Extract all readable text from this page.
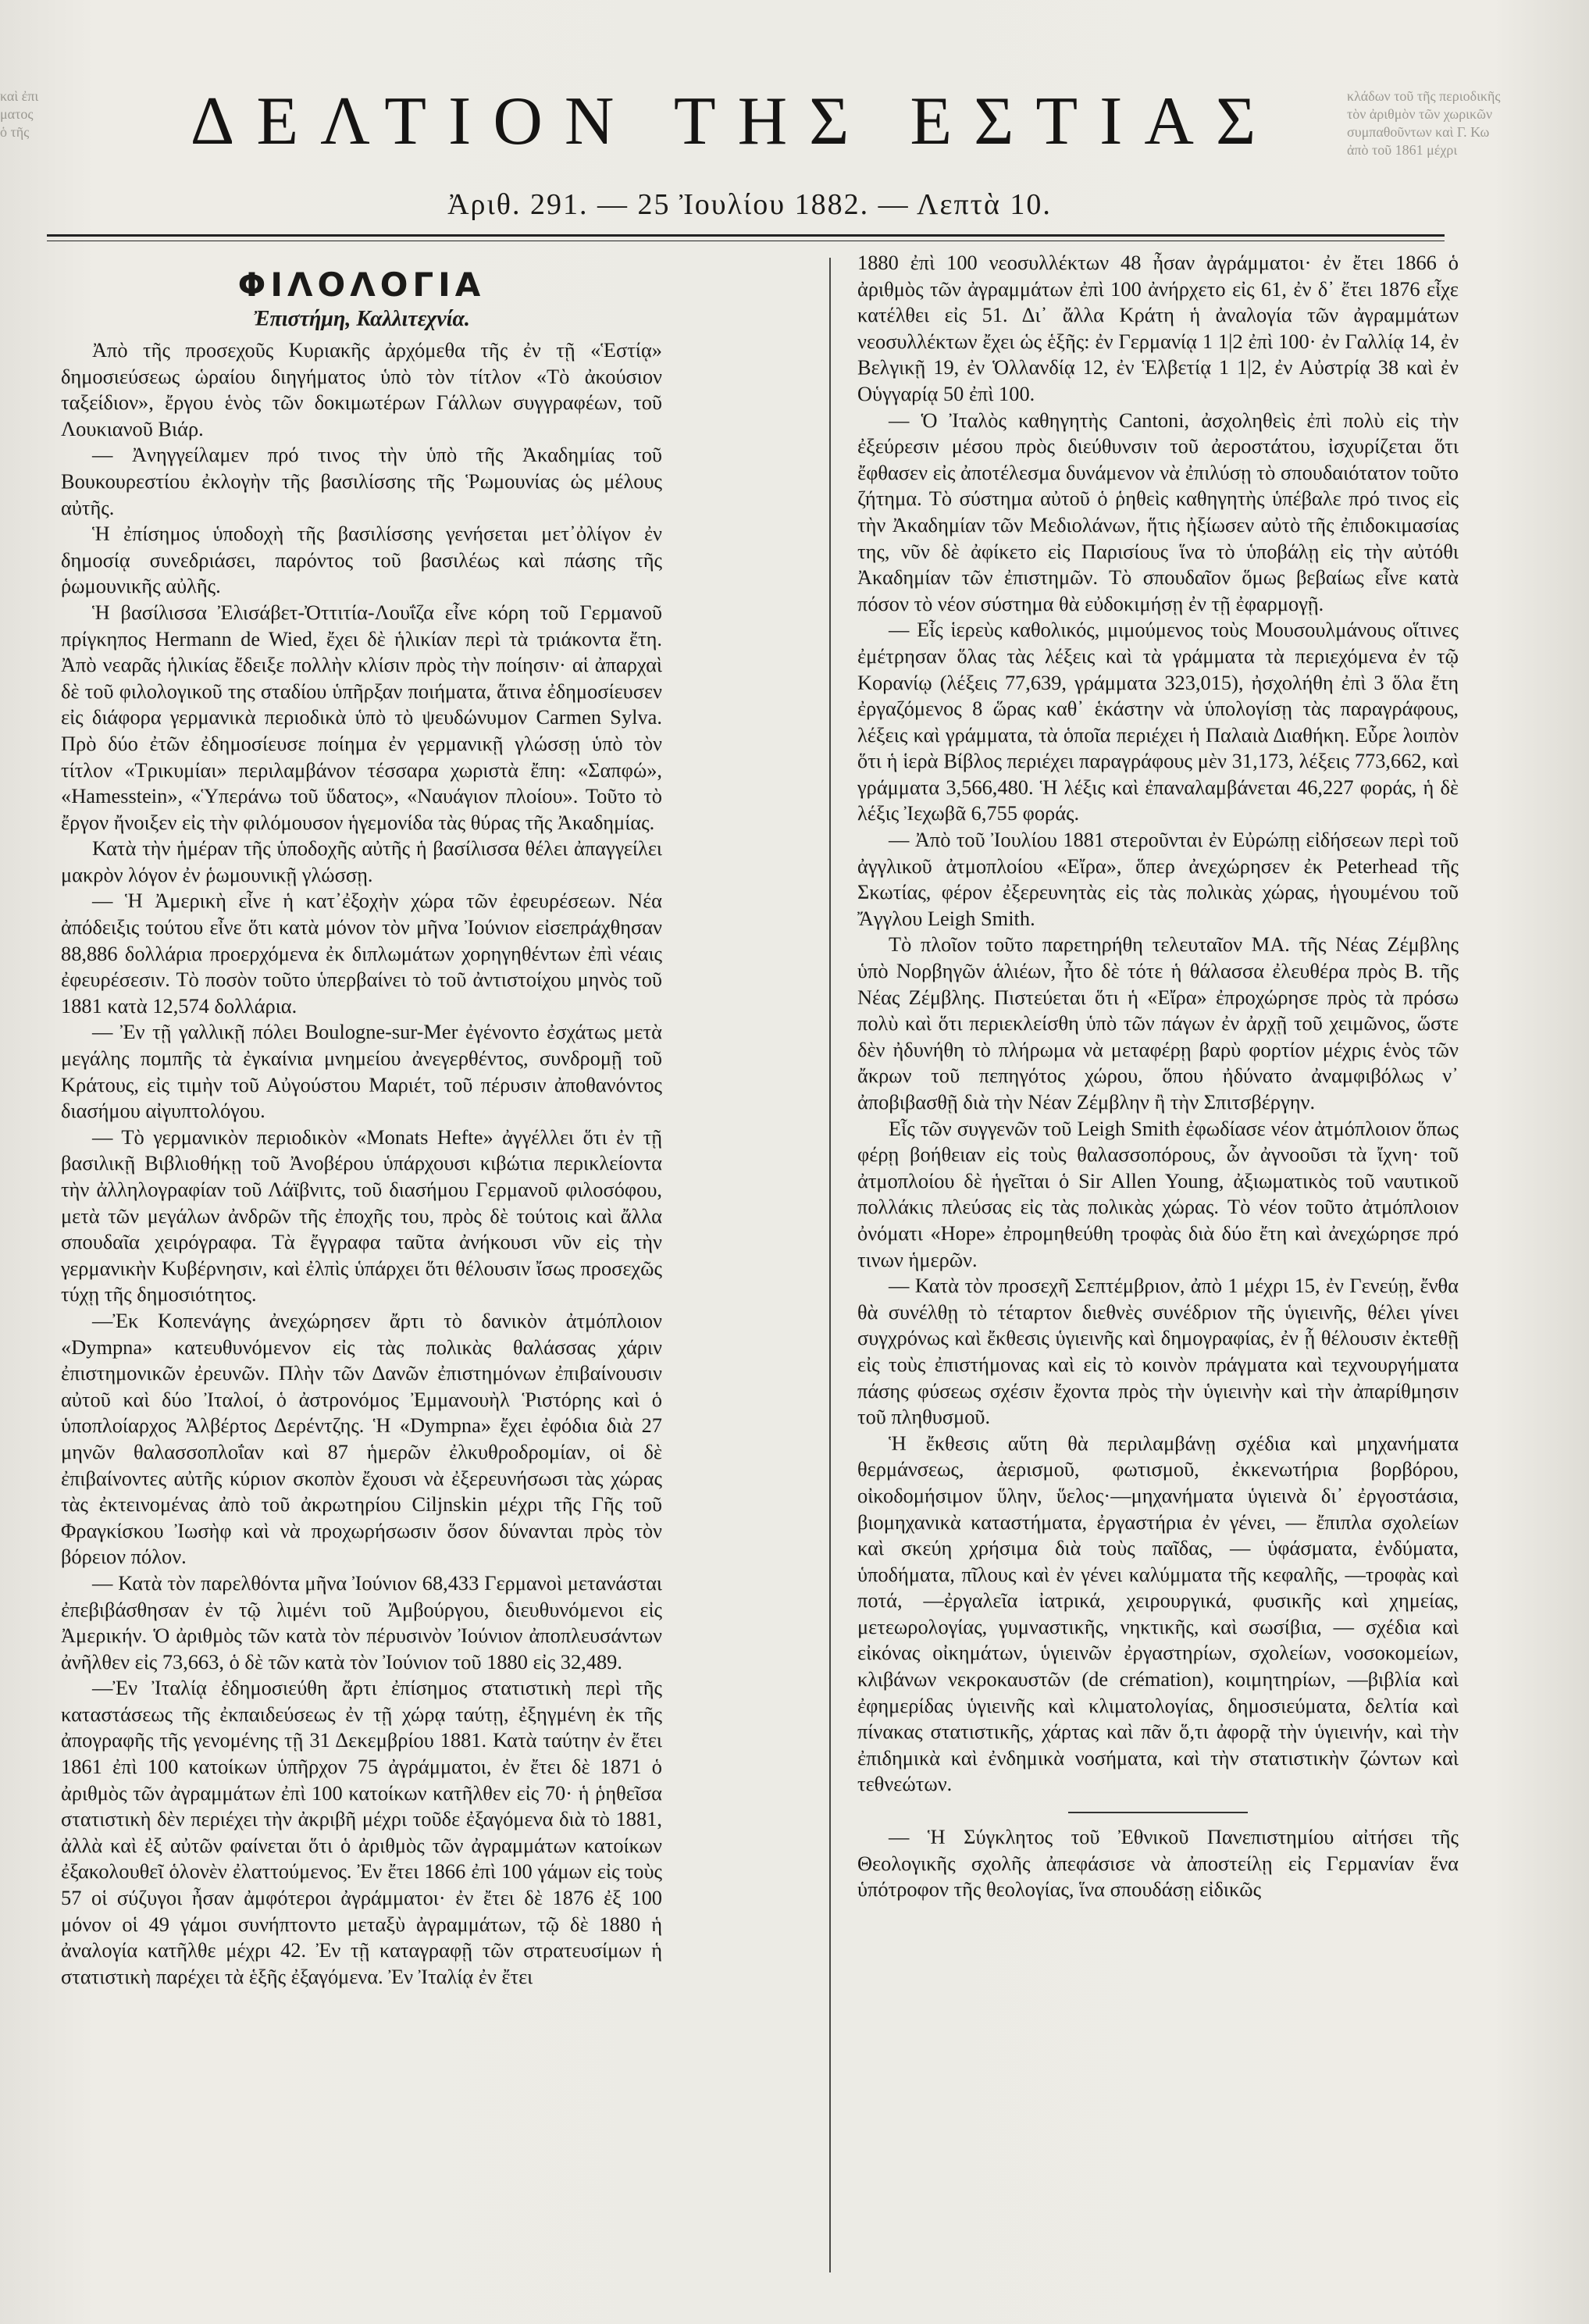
καὶ ἐπι
ματος
ὁ τῆς
κλάδων τοῦ τῆς περιοδικῆς
τὸν ἀριθμὸν τῶν χωρικῶν
συμπαθοῦντων καὶ Γ. Κω
ἀπὸ τοῦ 1861 μέχρι
ΔΕΛΤΙΟΝ ΤΗΣ ΕΣΤΙΑΣ
Ἀριθ. 291. — 25 Ἰουλίου 1882. — Λεπτὰ 10.
ΦΙΛΟΛΟΓΙΑ
Ἐπιστήμη, Καλλιτεχνία.

Ἀπὸ τῆς προσεχοῦς Κυριακῆς ἀρχόμεθα τῆς ἐν τῇ «Ἑστίᾳ» δημοσιεύσεως ὡραίου διηγήματος ὑπὸ τὸν τίτλον «Τὸ ἀκούσιον ταξείδιον», ἔργου ἑνὸς τῶν δοκιμωτέρων Γάλλων συγγραφέων, τοῦ Λουκιανοῦ Βιάρ.

— Ἀνηγγείλαμεν πρό τινος τὴν ὑπὸ τῆς Ἀκαδημίας τοῦ Βουκουρεστίου ἐκλογὴν τῆς βασιλίσσης τῆς Ῥωμουνίας ὡς μέλους αὐτῆς.

Ἡ ἐπίσημος ὑποδοχὴ τῆς βασιλίσσης γενήσεται μετ᾽ὀλίγον ἐν δημοσίᾳ συνεδριάσει, παρόντος τοῦ βασιλέως καὶ πάσης τῆς ῥωμουνικῆς αὐλῆς.

Ἡ βασίλισσα Ἐλισάβετ-Ὀττιτία-Λουΐζα εἶνε κόρη τοῦ Γερμανοῦ πρίγκηπος Hermann de Wied, ἔχει δὲ ἡλικίαν περὶ τὰ τριάκοντα ἔτη. Ἀπὸ νεαρᾶς ἡλικίας ἔδειξε πολλὴν κλίσιν πρὸς τὴν ποίησιν· αἱ ἀπαρχαὶ δὲ τοῦ φιλολογικοῦ της σταδίου ὑπῆρξαν ποιήματα, ἅτινα ἐδημοσίευσεν εἰς διάφορα γερμανικὰ περιοδικὰ ὑπὸ τὸ ψευδώνυμον Carmen Sylva. Πρὸ δύο ἐτῶν ἐδημοσίευσε ποίημα ἐν γερμανικῇ γλώσσῃ ὑπὸ τὸν τίτλον «Τρικυμίαι» περιλαμβάνον τέσσαρα χωριστὰ ἔπη: «Σαπφώ», «Hamesstein», «Ὑπεράνω τοῦ ὕδατος», «Ναυάγιον πλοίου». Τοῦτο τὸ ἔργον ἤνοιξεν εἰς τὴν φιλόμουσον ἡγεμονίδα τὰς θύρας τῆς Ἀκαδημίας.

Κατὰ τὴν ἡμέραν τῆς ὑποδοχῆς αὐτῆς ἡ βασίλισσα θέλει ἀπαγγείλει μακρὸν λόγον ἐν ῥωμουνικῇ γλώσσῃ.

— Ἡ Ἀμερικὴ εἶνε ἡ κατ᾽ἐξοχὴν χώρα τῶν ἐφευρέσεων. Νέα ἀπόδειξις τούτου εἶνε ὅτι κατὰ μόνον τὸν μῆνα Ἰούνιον εἰσεπράχθησαν 88,886 δολλάρια προερχόμενα ἐκ διπλωμάτων χορηγηθέντων ἐπὶ νέαις ἐφευρέσεσιν. Τὸ ποσὸν τοῦτο ὑπερβαίνει τὸ τοῦ ἀντιστοίχου μηνὸς τοῦ 1881 κατὰ 12,574 δολλάρια.

— Ἐν τῇ γαλλικῇ πόλει Boulogne-sur-Mer ἐγένοντο ἐσχάτως μετὰ μεγάλης πομπῆς τὰ ἐγκαίνια μνημείου ἀνεγερθέντος, συνδρομῇ τοῦ Κράτους, εἰς τιμὴν τοῦ Αὐγούστου Μαριέτ, τοῦ πέρυσιν ἀποθανόντος διασήμου αἰγυπτολόγου.

— Τὸ γερμανικὸν περιοδικὸν «Monats Hefte» ἀγγέλλει ὅτι ἐν τῇ βασιλικῇ Βιβλιοθήκῃ τοῦ Ἀνοβέρου ὑπάρχουσι κιβώτια περικλείοντα τὴν ἀλληλογραφίαν τοῦ Λάϊβνιτς, τοῦ διασήμου Γερμανοῦ φιλοσόφου, μετὰ τῶν μεγάλων ἀνδρῶν τῆς ἐποχῆς του, πρὸς δὲ τούτοις καὶ ἄλλα σπουδαῖα χειρόγραφα. Τὰ ἔγγραφα ταῦτα ἀνήκουσι νῦν εἰς τὴν γερμανικὴν Κυβέρνησιν, καὶ ἐλπὶς ὑπάρχει ὅτι θέλουσιν ἴσως προσεχῶς τύχῃ τῆς δημοσιότητος.

—Ἐκ Κοπενάγης ἀνεχώρησεν ἄρτι τὸ δανικὸν ἀτμόπλοιον «Dympna» κατευθυνόμενον εἰς τὰς πολικὰς θαλάσσας χάριν ἐπιστημονικῶν ἐρευνῶν. Πλὴν τῶν Δανῶν ἐπιστημόνων ἐπιβαίνουσιν αὐτοῦ καὶ δύο Ἰταλοί, ὁ ἀστρονόμος Ἐμμανουὴλ Ῥιστόρης καὶ ὁ ὑποπλοίαρχος Ἀλβέρτος Δερέντζης. Ἡ «Dympna» ἔχει ἐφόδια διὰ 27 μηνῶν θαλασσοπλοΐαν καὶ 87 ἡμερῶν ἐλκυθροδρομίαν, οἱ δὲ ἐπιβαίνοντες αὐτῆς κύριον σκοπὸν ἔχουσι νὰ ἐξερευνήσωσι τὰς χώρας τὰς ἐκτεινομένας ἀπὸ τοῦ ἀκρωτηρίου Ciljnskin μέχρι τῆς Γῆς τοῦ Φραγκίσκου Ἰωσὴφ καὶ νὰ προχωρήσωσιν ὅσον δύνανται πρὸς τὸν βόρειον πόλον.

— Κατὰ τὸν παρελθόντα μῆνα Ἰούνιον 68,433 Γερμανοὶ μετανάσται ἐπεβιβάσθησαν ἐν τῷ λιμένι τοῦ Ἀμβούργου, διευθυνόμενοι εἰς Ἀμερικήν. Ὁ ἀριθμὸς τῶν κατὰ τὸν πέρυσινὸν Ἰούνιον ἀποπλευσάντων ἀνῆλθεν εἰς 73,663, ὁ δὲ τῶν κατὰ τὸν Ἰούνιον τοῦ 1880 εἰς 32,489.

—Ἐν Ἰταλίᾳ ἐδημοσιεύθη ἄρτι ἐπίσημος στατιστικὴ περὶ τῆς καταστάσεως τῆς ἐκπαιδεύσεως ἐν τῇ χώρᾳ ταύτῃ, ἐξηγμένη ἐκ τῆς ἀπογραφῆς τῆς γενομένης τῇ 31 Δεκεμβρίου 1881. Κατὰ ταύτην ἐν ἔτει 1861 ἐπὶ 100 κατοίκων ὑπῆρχον 75 ἀγράμματοι, ἐν ἔτει δὲ 1871 ὁ ἀριθμὸς τῶν ἀγραμμάτων ἐπὶ 100 κατοίκων κατῆλθεν εἰς 70· ἡ ῥηθεῖσα στατιστικὴ δὲν περιέχει τὴν ἀκριβῆ μέχρι τοῦδε ἐξαγόμενα διὰ τὸ 1881, ἀλλὰ καὶ ἐξ αὐτῶν φαίνεται ὅτι ὁ ἀριθμὸς τῶν ἀγραμμάτων κατοίκων ἐξακολουθεῖ ὁλονὲν ἐλαττούμενος. Ἐν ἔτει 1866 ἐπὶ 100 γάμων εἰς τοὺς 57 οἱ σύζυγοι ἦσαν ἀμφότεροι ἀγράμματοι· ἐν ἔτει δὲ 1876 ἐξ 100 μόνον οἱ 49 γάμοι συνήπτοντο μεταξὺ ἀγραμμάτων, τῷ δὲ 1880 ἡ ἀναλογία κατῆλθε μέχρι 42. Ἐν τῇ καταγραφῇ τῶν στρατευσίμων ἡ στατιστικὴ παρέχει τὰ ἑξῆς ἐξαγόμενα. Ἐν Ἰταλίᾳ ἐν ἔτει

1880 ἐπὶ 100 νεοσυλλέκτων 48 ἦσαν ἀγράμματοι· ἐν ἔτει 1866 ὁ ἀριθμὸς τῶν ἀγραμμάτων ἐπὶ 100 ἀνήρχετο εἰς 61, ἐν δ᾽ ἔτει 1876 εἶχε κατέλθει εἰς 51. Δι᾽ ἄλλα Κράτη ἡ ἀναλογία τῶν ἀγραμμάτων νεοσυλλέκτων ἔχει ὡς ἑξῆς: ἐν Γερμανίᾳ 1 1|2 ἐπὶ 100· ἐν Γαλλίᾳ 14, ἐν Βελγικῇ 19, ἐν Ὁλλανδίᾳ 12, ἐν Ἑλβετίᾳ 1 1|2, ἐν Αὐστρίᾳ 38 καὶ ἐν Οὑγγαρίᾳ 50 ἐπὶ 100.

— Ὁ Ἰταλὸς καθηγητὴς Cantoni, ἀσχοληθεὶς ἐπὶ πολὺ εἰς τὴν ἐξεύρεσιν μέσου πρὸς διεύθυνσιν τοῦ ἀεροστάτου, ἰσχυρίζεται ὅτι ἔφθασεν εἰς ἀποτέλεσμα δυνάμενον νὰ ἐπιλύσῃ τὸ σπουδαιότατον τοῦτο ζήτημα. Τὸ σύστημα αὐτοῦ ὁ ῥηθεὶς καθηγητὴς ὑπέβαλε πρό τινος εἰς τὴν Ἀκαδημίαν τῶν Μεδιολάνων, ἥτις ἠξίωσεν αὐτὸ τῆς ἐπιδοκιμασίας της, νῦν δὲ ἀφίκετο εἰς Παρισίους ἵνα τὸ ὑποβάλῃ εἰς τὴν αὐτόθι Ἀκαδημίαν τῶν ἐπιστημῶν. Τὸ σπουδαῖον ὅμως βεβαίως εἶνε κατὰ πόσον τὸ νέον σύστημα θὰ εὐδοκιμήσῃ ἐν τῇ ἐφαρμογῇ.

— Εἷς ἱερεὺς καθολικός, μιμούμενος τοὺς Μουσουλμάνους οἵτινες ἐμέτρησαν ὅλας τὰς λέξεις καὶ τὰ γράμματα τὰ περιεχόμενα ἐν τῷ Κορανίῳ (λέξεις 77,639, γράμματα 323,015), ἠσχολήθη ἐπὶ 3 ὅλα ἔτη ἐργαζόμενος 8 ὥρας καθ᾽ ἑκάστην νὰ ὑπολογίσῃ τὰς παραγράφους, λέξεις καὶ γράμματα, τὰ ὁποῖα περιέχει ἡ Παλαιὰ Διαθήκη. Εὗρε λοιπὸν ὅτι ἡ ἱερὰ Βίβλος περιέχει παραγράφους μὲν 31,173, λέξεις 773,662, καὶ γράμματα 3,566,480. Ἡ λέξις καὶ ἐπαναλαμβάνεται 46,227 φοράς, ἡ δὲ λέξις Ἰεχωβᾶ 6,755 φοράς.

— Ἀπὸ τοῦ Ἰουλίου 1881 στεροῦνται ἐν Εὐρώπῃ εἰδήσεων περὶ τοῦ ἀγγλικοῦ ἀτμοπλοίου «Εἴρα», ὅπερ ἀνεχώρησεν ἐκ Peterhead τῆς Σκωτίας, φέρον ἐξερευνητὰς εἰς τὰς πολικὰς χώρας, ἡγουμένου τοῦ Ἄγγλου Leigh Smith.

Τὸ πλοῖον τοῦτο παρετηρήθη τελευταῖον ΜΑ. τῆς Νέας Ζέμβλης ὑπὸ Νορβηγῶν ἁλιέων, ἦτο δὲ τότε ἡ θάλασσα ἐλευθέρα πρὸς Β. τῆς Νέας Ζέμβλης. Πιστεύεται ὅτι ἡ «Εἴρα» ἐπροχώρησε πρὸς τὰ πρόσω πολὺ καὶ ὅτι περιεκλείσθη ὑπὸ τῶν πάγων ἐν ἀρχῇ τοῦ χειμῶνος, ὥστε δὲν ἠδυνήθη τὸ πλήρωμα νὰ μεταφέρῃ βαρὺ φορτίον μέχρις ἑνὸς τῶν ἄκρων τοῦ πεπηγότος χώρου, ὅπου ἠδύνατο ἀναμφιβόλως ν᾽ ἀποβιβασθῇ διὰ τὴν Νέαν Ζέμβλην ἢ τὴν Σπιτσβέργην.

Εἷς τῶν συγγενῶν τοῦ Leigh Smith ἐφωδίασε νέον ἀτμόπλοιον ὅπως φέρῃ βοήθειαν εἰς τοὺς θαλασσοπόρους, ὧν ἀγνοοῦσι τὰ ἴχνη· τοῦ ἀτμοπλοίου δὲ ἡγεῖται ὁ Sir Allen Young, ἀξιωματικὸς τοῦ ναυτικοῦ πολλάκις πλεύσας εἰς τὰς πολικὰς χώρας. Τὸ νέον τοῦτο ἀτμόπλοιον ὀνόματι «Hope» ἐπρομηθεύθη τροφὰς διὰ δύο ἔτη καὶ ἀνεχώρησε πρό τινων ἡμερῶν.

— Κατὰ τὸν προσεχῆ Σεπτέμβριον, ἀπὸ 1 μέχρι 15, ἐν Γενεύῃ, ἔνθα θὰ συνέλθῃ τὸ τέταρτον διεθνὲς συνέδριον τῆς ὑγιεινῆς, θέλει γίνει συγχρόνως καὶ ἔκθεσις ὑγιεινῆς καὶ δημογραφίας, ἐν ᾗ θέλουσιν ἐκτεθῇ εἰς τοὺς ἐπιστήμονας καὶ εἰς τὸ κοινὸν πράγματα καὶ τεχνουργήματα πάσης φύσεως σχέσιν ἔχοντα πρὸς τὴν ὑγιεινὴν καὶ τὴν ἀπαρίθμησιν τοῦ πληθυσμοῦ.

Ἡ ἔκθεσις αὕτη θὰ περιλαμβάνῃ σχέδια καὶ μηχανήματα θερμάνσεως, ἀερισμοῦ, φωτισμοῦ, ἐκκενωτήρια βορβόρου, οἰκοδομήσιμον ὕλην, ὕελος·—μηχανήματα ὑγιεινὰ δι᾽ ἐργοστάσια, βιομηχανικὰ καταστήματα, ἐργαστήρια ἐν γένει, — ἔπιπλα σχολείων καὶ σκεύη χρήσιμα διὰ τοὺς παῖδας, — ὑφάσματα, ἐνδύματα, ὑποδήματα, πῖλους καὶ ἐν γένει καλύμματα τῆς κεφαλῆς, —τροφὰς καὶ ποτά, —ἐργαλεῖα ἰατρικά, χειρουργικά, φυσικῆς καὶ χημείας, μετεωρολογίας, γυμναστικῆς, νηκτικῆς, καὶ σωσίβια, — σχέδια καὶ εἰκόνας οἰκημάτων, ὑγιεινῶν ἐργαστηρίων, σχολείων, νοσοκομείων, κλιβάνων νεκροκαυστῶν (de crémation), κοιμητηρίων, —βιβλία καὶ ἐφημερίδας ὑγιεινῆς καὶ κλιματολογίας, δημοσιεύματα, δελτία καὶ πίνακας στατιστικῆς, χάρτας καὶ πᾶν ὅ,τι ἀφορᾷ τὴν ὑγιεινήν, καὶ τὴν ἐπιδημικὰ καὶ ἐνδημικὰ νοσήματα, καὶ τὴν στατιστικὴν ζώντων καὶ τεθνεώτων.

— Ἡ Σύγκλητος τοῦ Ἐθνικοῦ Πανεπιστημίου αἰτήσει τῆς Θεολογικῆς σχολῆς ἀπεφάσισε νὰ ἀποστείλῃ εἰς Γερμανίαν ἕνα ὑπότροφον τῆς θεολογίας, ἵνα σπουδάσῃ εἰδικῶς
